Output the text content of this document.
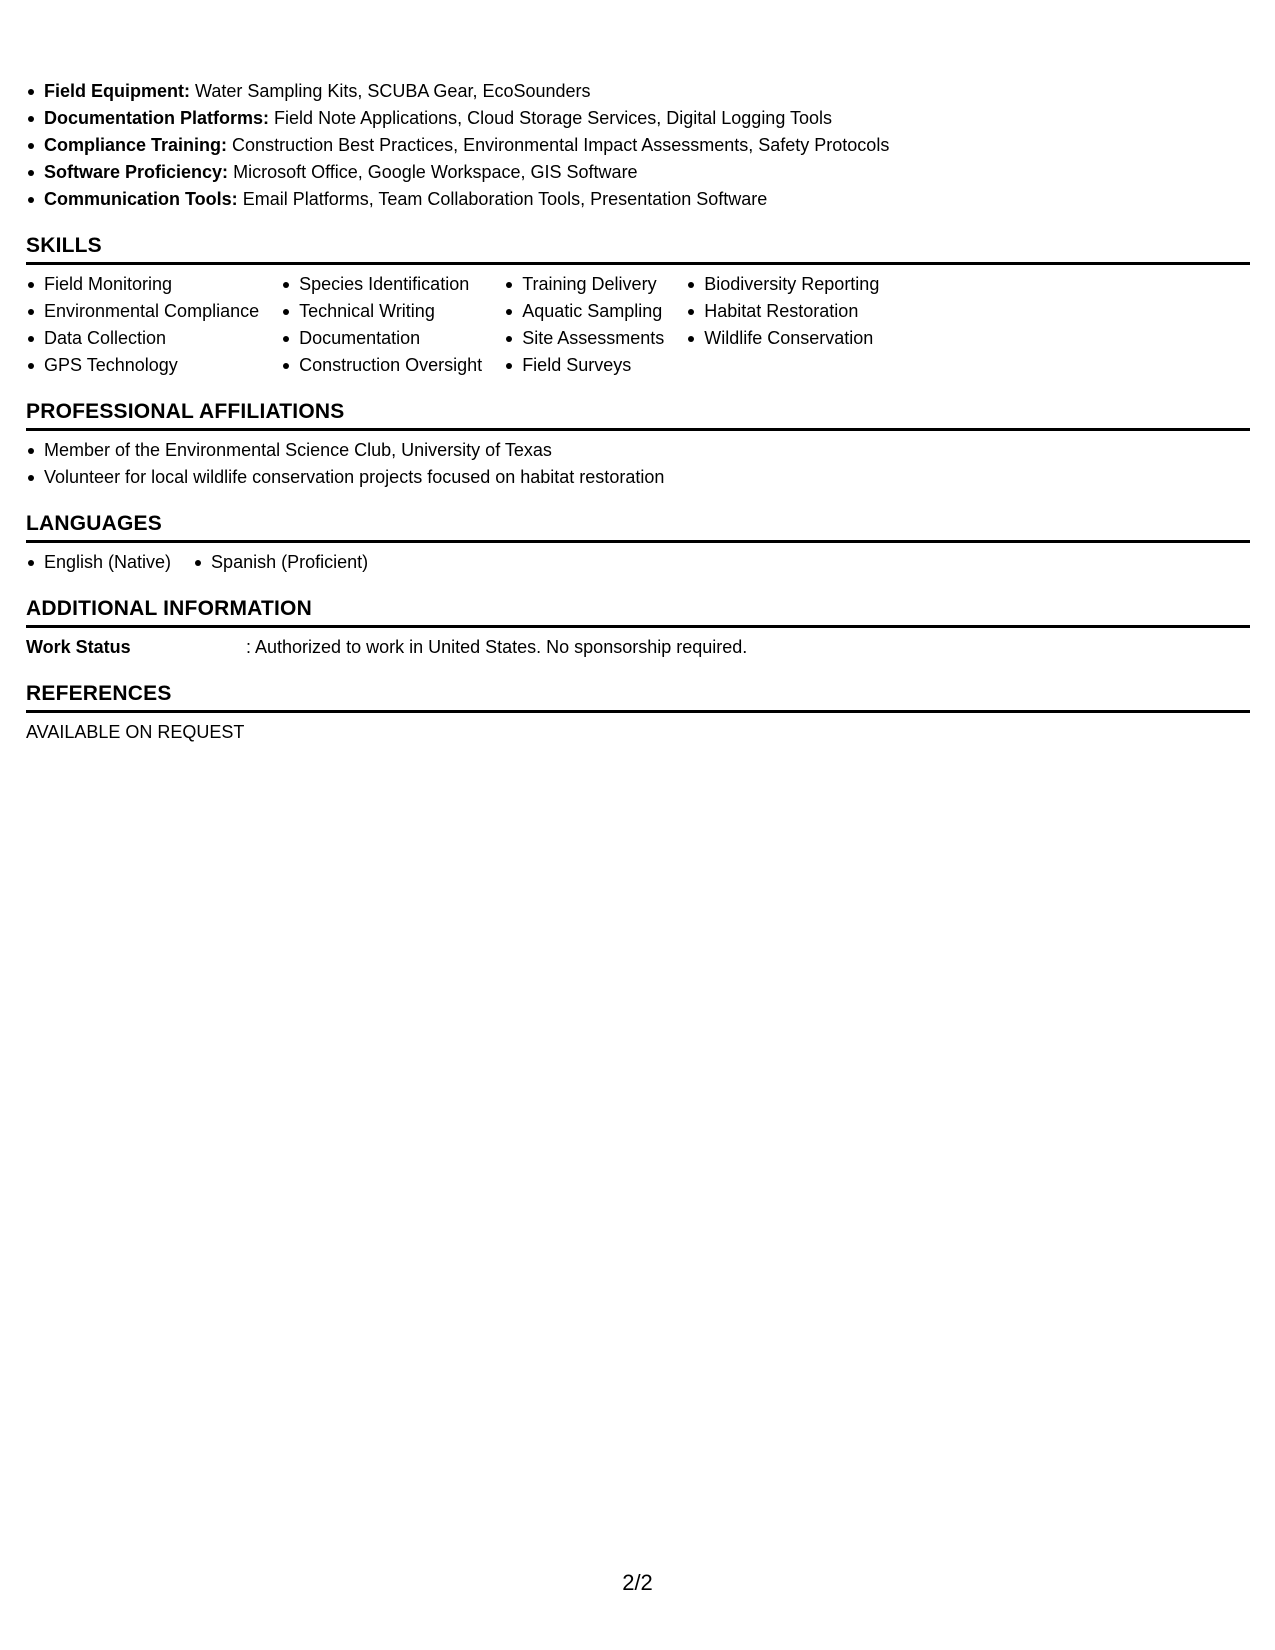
Field Equipment: Water Sampling Kits, SCUBA Gear, EcoSounders
Documentation Platforms: Field Note Applications, Cloud Storage Services, Digital Logging Tools
Compliance Training: Construction Best Practices, Environmental Impact Assessments, Safety Protocols
Software Proficiency: Microsoft Office, Google Workspace, GIS Software
Communication Tools: Email Platforms, Team Collaboration Tools, Presentation Software
SKILLS
Field Monitoring
Environmental Compliance
Data Collection
GPS Technology
Species Identification
Technical Writing
Documentation
Construction Oversight
Training Delivery
Aquatic Sampling
Site Assessments
Field Surveys
Biodiversity Reporting
Habitat Restoration
Wildlife Conservation
PROFESSIONAL AFFILIATIONS
Member of the Environmental Science Club, University of Texas
Volunteer for local wildlife conservation projects focused on habitat restoration
LANGUAGES
English (Native)	Spanish (Proficient)
ADDITIONAL INFORMATION
Work Status	: Authorized to work in United States. No sponsorship required.
REFERENCES
AVAILABLE ON REQUEST
2/2
